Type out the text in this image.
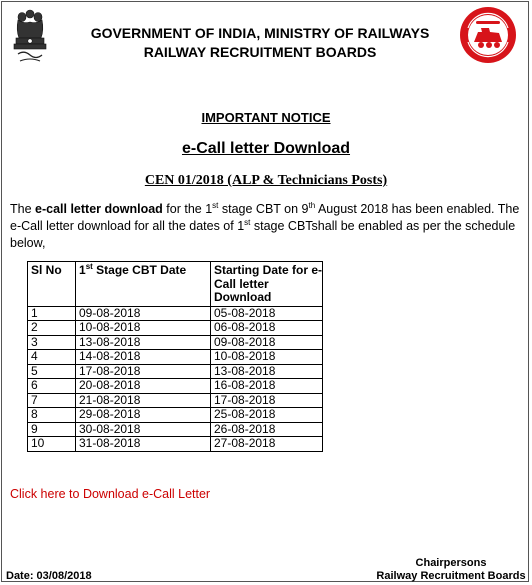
GOVERNMENT OF INDIA, MINISTRY OF RAILWAYS
RAILWAY RECRUITMENT BOARDS
IMPORTANT NOTICE
e-Call letter Download
CEN 01/2018 (ALP & Technicians Posts)
The e-call letter download for the 1st stage CBT on 9th August 2018 has been enabled. The e-Call letter download for all the dates of 1st stage CBTshall be enabled as per the schedule below,
Sl No	1st Stage CBT Date	Starting Date for e-Call letter Download
1	09-08-2018	05-08-2018
2	10-08-2018	06-08-2018
3	13-08-2018	09-08-2018
4	14-08-2018	10-08-2018
5	17-08-2018	13-08-2018
6	20-08-2018	16-08-2018
7	21-08-2018	17-08-2018
8	29-08-2018	25-08-2018
9	30-08-2018	26-08-2018
10	31-08-2018	27-08-2018
Click here to Download e-Call Letter
Chairpersons
Railway Recruitment Boards
Date: 03/08/2018
